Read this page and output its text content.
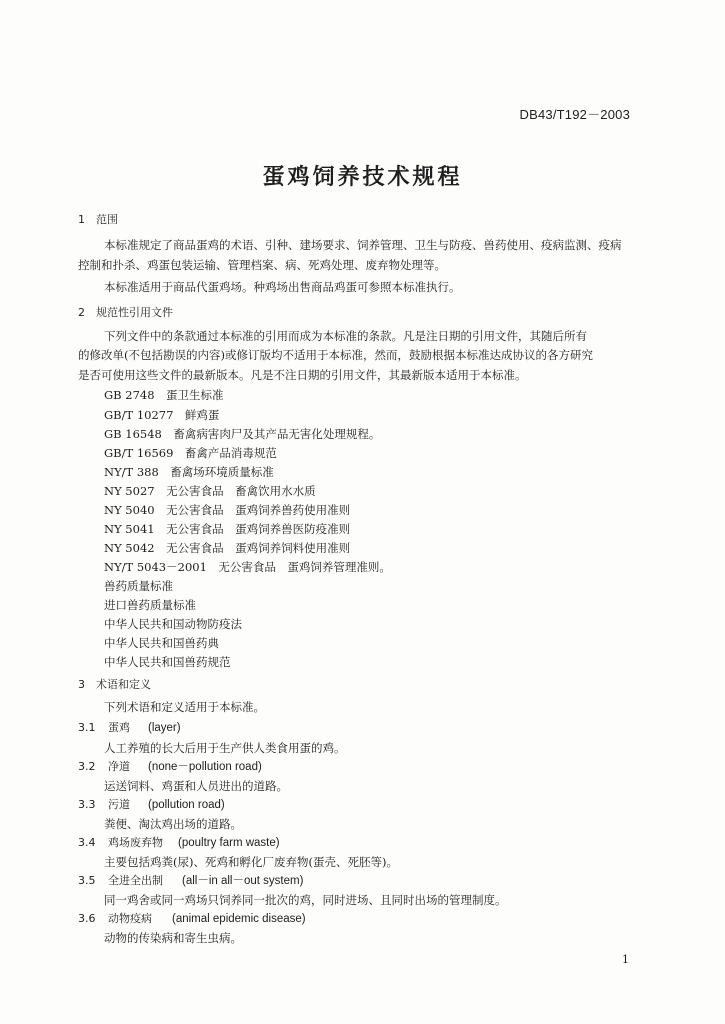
DB43/T192－2003
蛋鸡饲养技术规程
1 范围
本标准规定了商品蛋鸡的术语、引种、建场要求、饲养管理、卫生与防疫、兽药使用、疫病监测、疫病
控制和扑杀、鸡蛋包装运输、管理档案、病、死鸡处理、废弃物处理等。
本标准适用于商品代蛋鸡场。种鸡场出售商品鸡蛋可参照本标准执行。
2 规范性引用文件
下列文件中的条款通过本标准的引用而成为本标准的条款。凡是注日期的引用文件，其随后所有
的修改单(不包括勘误的内容)或修订版均不适用于本标准，然而，鼓励根据本标准达成协议的各方研究
是否可使用这些文件的最新版本。凡是不注日期的引用文件，其最新版本适用于本标准。
GB 2748　蛋卫生标准
GB/T 10277　鲜鸡蛋
GB 16548　畜禽病害肉尸及其产品无害化处理规程。
GB/T 16569　畜禽产品消毒规范
NY/T 388　畜禽场环境质量标准
NY 5027　无公害食品　畜禽饮用水水质
NY 5040　无公害食品　蛋鸡饲养兽药使用准则
NY 5041　无公害食品　蛋鸡饲养兽医防疫准则
NY 5042　无公害食品　蛋鸡饲养饲料使用准则
NY/T 5043－2001　无公害食品　蛋鸡饲养管理准则。
兽药质量标准
进口兽药质量标准
中华人民共和国动物防疫法
中华人民共和国兽药典
中华人民共和国兽药规范
3 术语和定义
下列术语和定义适用于本标准。
3.1 蛋鸡 (layer)
人工养殖的长大后用于生产供人类食用蛋的鸡。
3.2 净道 (none－pollution road)
运送饲料、鸡蛋和人员进出的道路。
3.3 污道 (pollution road)
粪便、淘汰鸡出场的道路。
3.4 鸡场废弃物 (poultry farm waste)
主要包括鸡粪(尿)、死鸡和孵化厂废弃物(蛋壳、死胚等)。
3.5 全进全出制 (all－in all－out system)
同一鸡舍或同一鸡场只饲养同一批次的鸡，同时进场、且同时出场的管理制度。
3.6 动物疫病 (animal epidemic disease)
动物的传染病和寄生虫病。
1
